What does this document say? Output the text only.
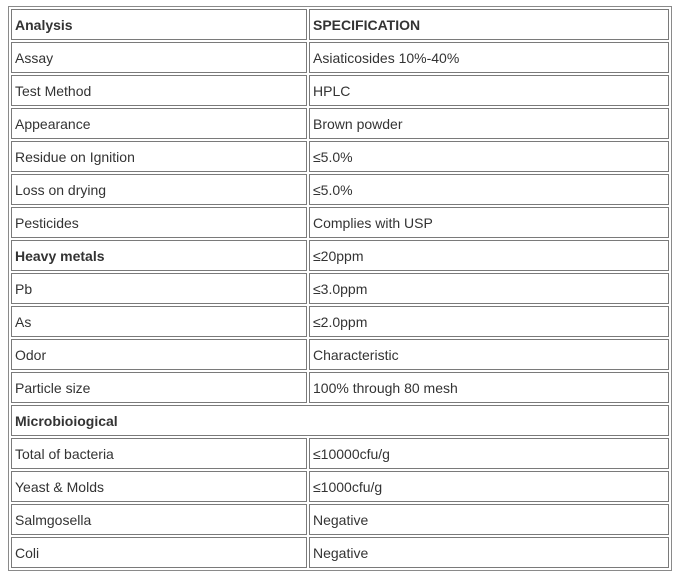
Analysis	SPECIFICATION
Assay	Asiaticosides 10%-40%
Test Method	HPLC
Appearance	Brown powder
Residue on Ignition	≤5.0%
Loss on drying	≤5.0%
Pesticides	Complies with USP
Heavy metals	≤20ppm
Pb	≤3.0ppm
As	≤2.0ppm
Odor	Characteristic
Particle size	100% through 80 mesh
Microbioiogical	
Total of bacteria	≤10000cfu/g
Yeast & Molds	≤1000cfu/g
Salmgosella	Negative
Coli	Negative
